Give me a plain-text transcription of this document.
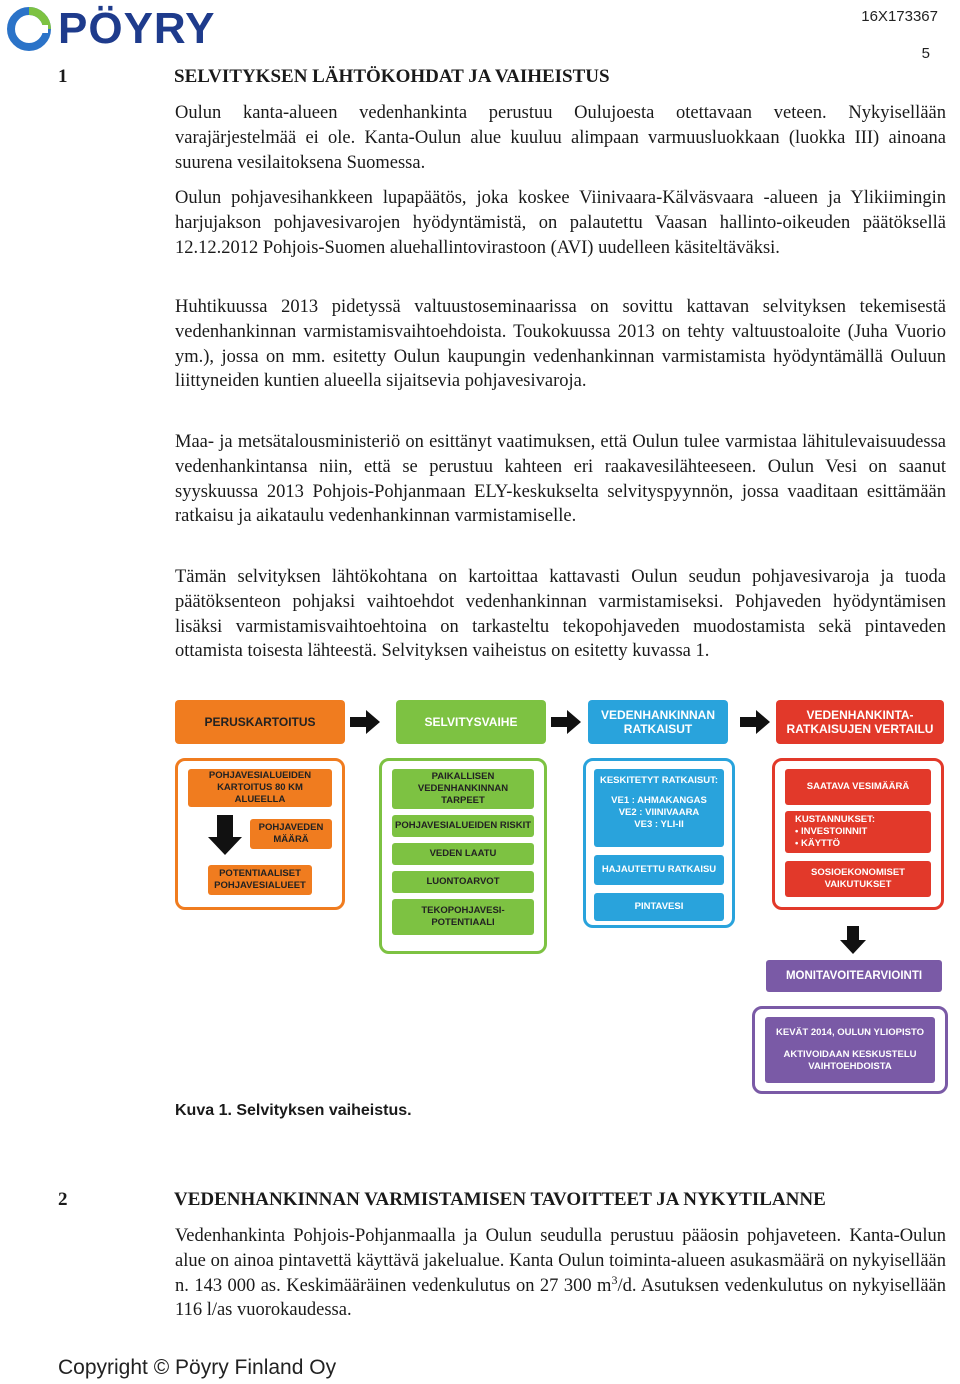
PÖYRY	16X173367
5
1	SELVITYKSEN LÄHTÖKOHDAT JA VAIHEISTUS
Oulun kanta-alueen vedenhankinta perustuu Oulujoesta otettavaan veteen. Nykyisellään varajärjestelmää ei ole. Kanta-Oulun alue kuuluu alimpaan varmuusluokkaan (luokka III) ainoana suurena vesilaitoksena Suomessa.
Oulun pohjavesihankkeen lupapäätös, joka koskee Viinivaara-Kälväsvaara -alueen ja Ylikiimingin harjujakson pohjavesivarojen hyödyntämistä, on palautettu Vaasan hallinto-oikeuden päätöksellä 12.12.2012 Pohjois-Suomen aluehallintovirastoon (AVI) uudelleen käsiteltäväksi.
Huhtikuussa 2013 pidetyssä valtuustoseminaarissa on sovittu kattavan selvityksen tekemisestä vedenhankinnan varmistamisvaihtoehdoista. Toukokuussa 2013 on tehty valtuustoaloite (Juha Vuorio ym.), jossa on mm. esitetty Oulun kaupungin vedenhankinnan varmistamista hyödyntämällä Ouluun liittyneiden kuntien alueella sijaitsevia pohjavesivaroja.
Maa- ja metsätalousministeriö on esittänyt vaatimuksen, että Oulun tulee varmistaa lähitulevaisuudessa vedenhankintansa niin, että se perustuu kahteen eri raakavesilähteeseen. Oulun Vesi on saanut syyskuussa 2013 Pohjois-Pohjanmaan ELY-keskukselta selvityspyynnön, jossa vaaditaan esittämään ratkaisu ja aikataulu vedenhankinnan varmistamiselle.
Tämän selvityksen lähtökohtana on kartoittaa kattavasti Oulun seudun pohjavesivaroja ja tuoda päätöksenteon pohjaksi vaihtoehdot vedenhankinnan varmistamiseksi. Pohjaveden hyödyntämisen lisäksi varmistamisvaihtoehtoina on tarkasteltu tekopohjaveden muodostamista sekä pintaveden ottamista toisesta lähteestä. Selvityksen vaiheistus on esitetty kuvassa 1.
PERUSKARTOITUS	SELVITYSVAIHE	VEDENHANKINNAN RATKAISUT
VEDENHANKINTA-RATKAISUJEN VERTAILU
POHJAVESIALUEIDEN KARTOITUS 80 KM ALUEELLA
POHJAVEDEN MÄÄRÄ
POTENTIAALISET POHJAVESIALUEET
PAIKALLISEN VEDENHANKINNAN TARPEET
POHJAVESIALUEIDEN RISKIT
VEDEN LAATU
LUONTOARVOT
TEKOPOHJAVESI-POTENTIAALI
KESKITETYT RATKAISUT:
VE1 : AHMAKANGAS
VE2 : VIINIVAARA
VE3 : YLI-II
HAJAUTETTU RATKAISU
PINTAVESI
SAATAVA VESIMÄÄRÄ
KUSTANNUKSET:
• INVESTOINNIT
• KÄYTTÖ
SOSIOEKONOMISET VAIKUTUKSET
MONITAVOITEARVIOINTI
KEVÄT 2014, OULUN YLIOPISTO
AKTIVOIDAAN KESKUSTELU VAIHTOEHDOISTA
Kuva 1. Selvityksen vaiheistus.
2	VEDENHANKINNAN VARMISTAMISEN TAVOITTEET JA NYKYTILANNE
Vedenhankinta Pohjois-Pohjanmaalla ja Oulun seudulla perustuu pääosin pohjaveteen. Kanta-Oulun alue on ainoa pintavettä käyttävä jakelualue. Kanta Oulun toiminta-alueen asukasmäärä on nykyisellään n. 143 000 as. Keskimääräinen vedenkulutus on 27 300 $m^3/d$. Asutuksen vedenkulutus on nykyisellään 116 l/as vuorokaudessa.
Copyright © Pöyry Finland Oy
